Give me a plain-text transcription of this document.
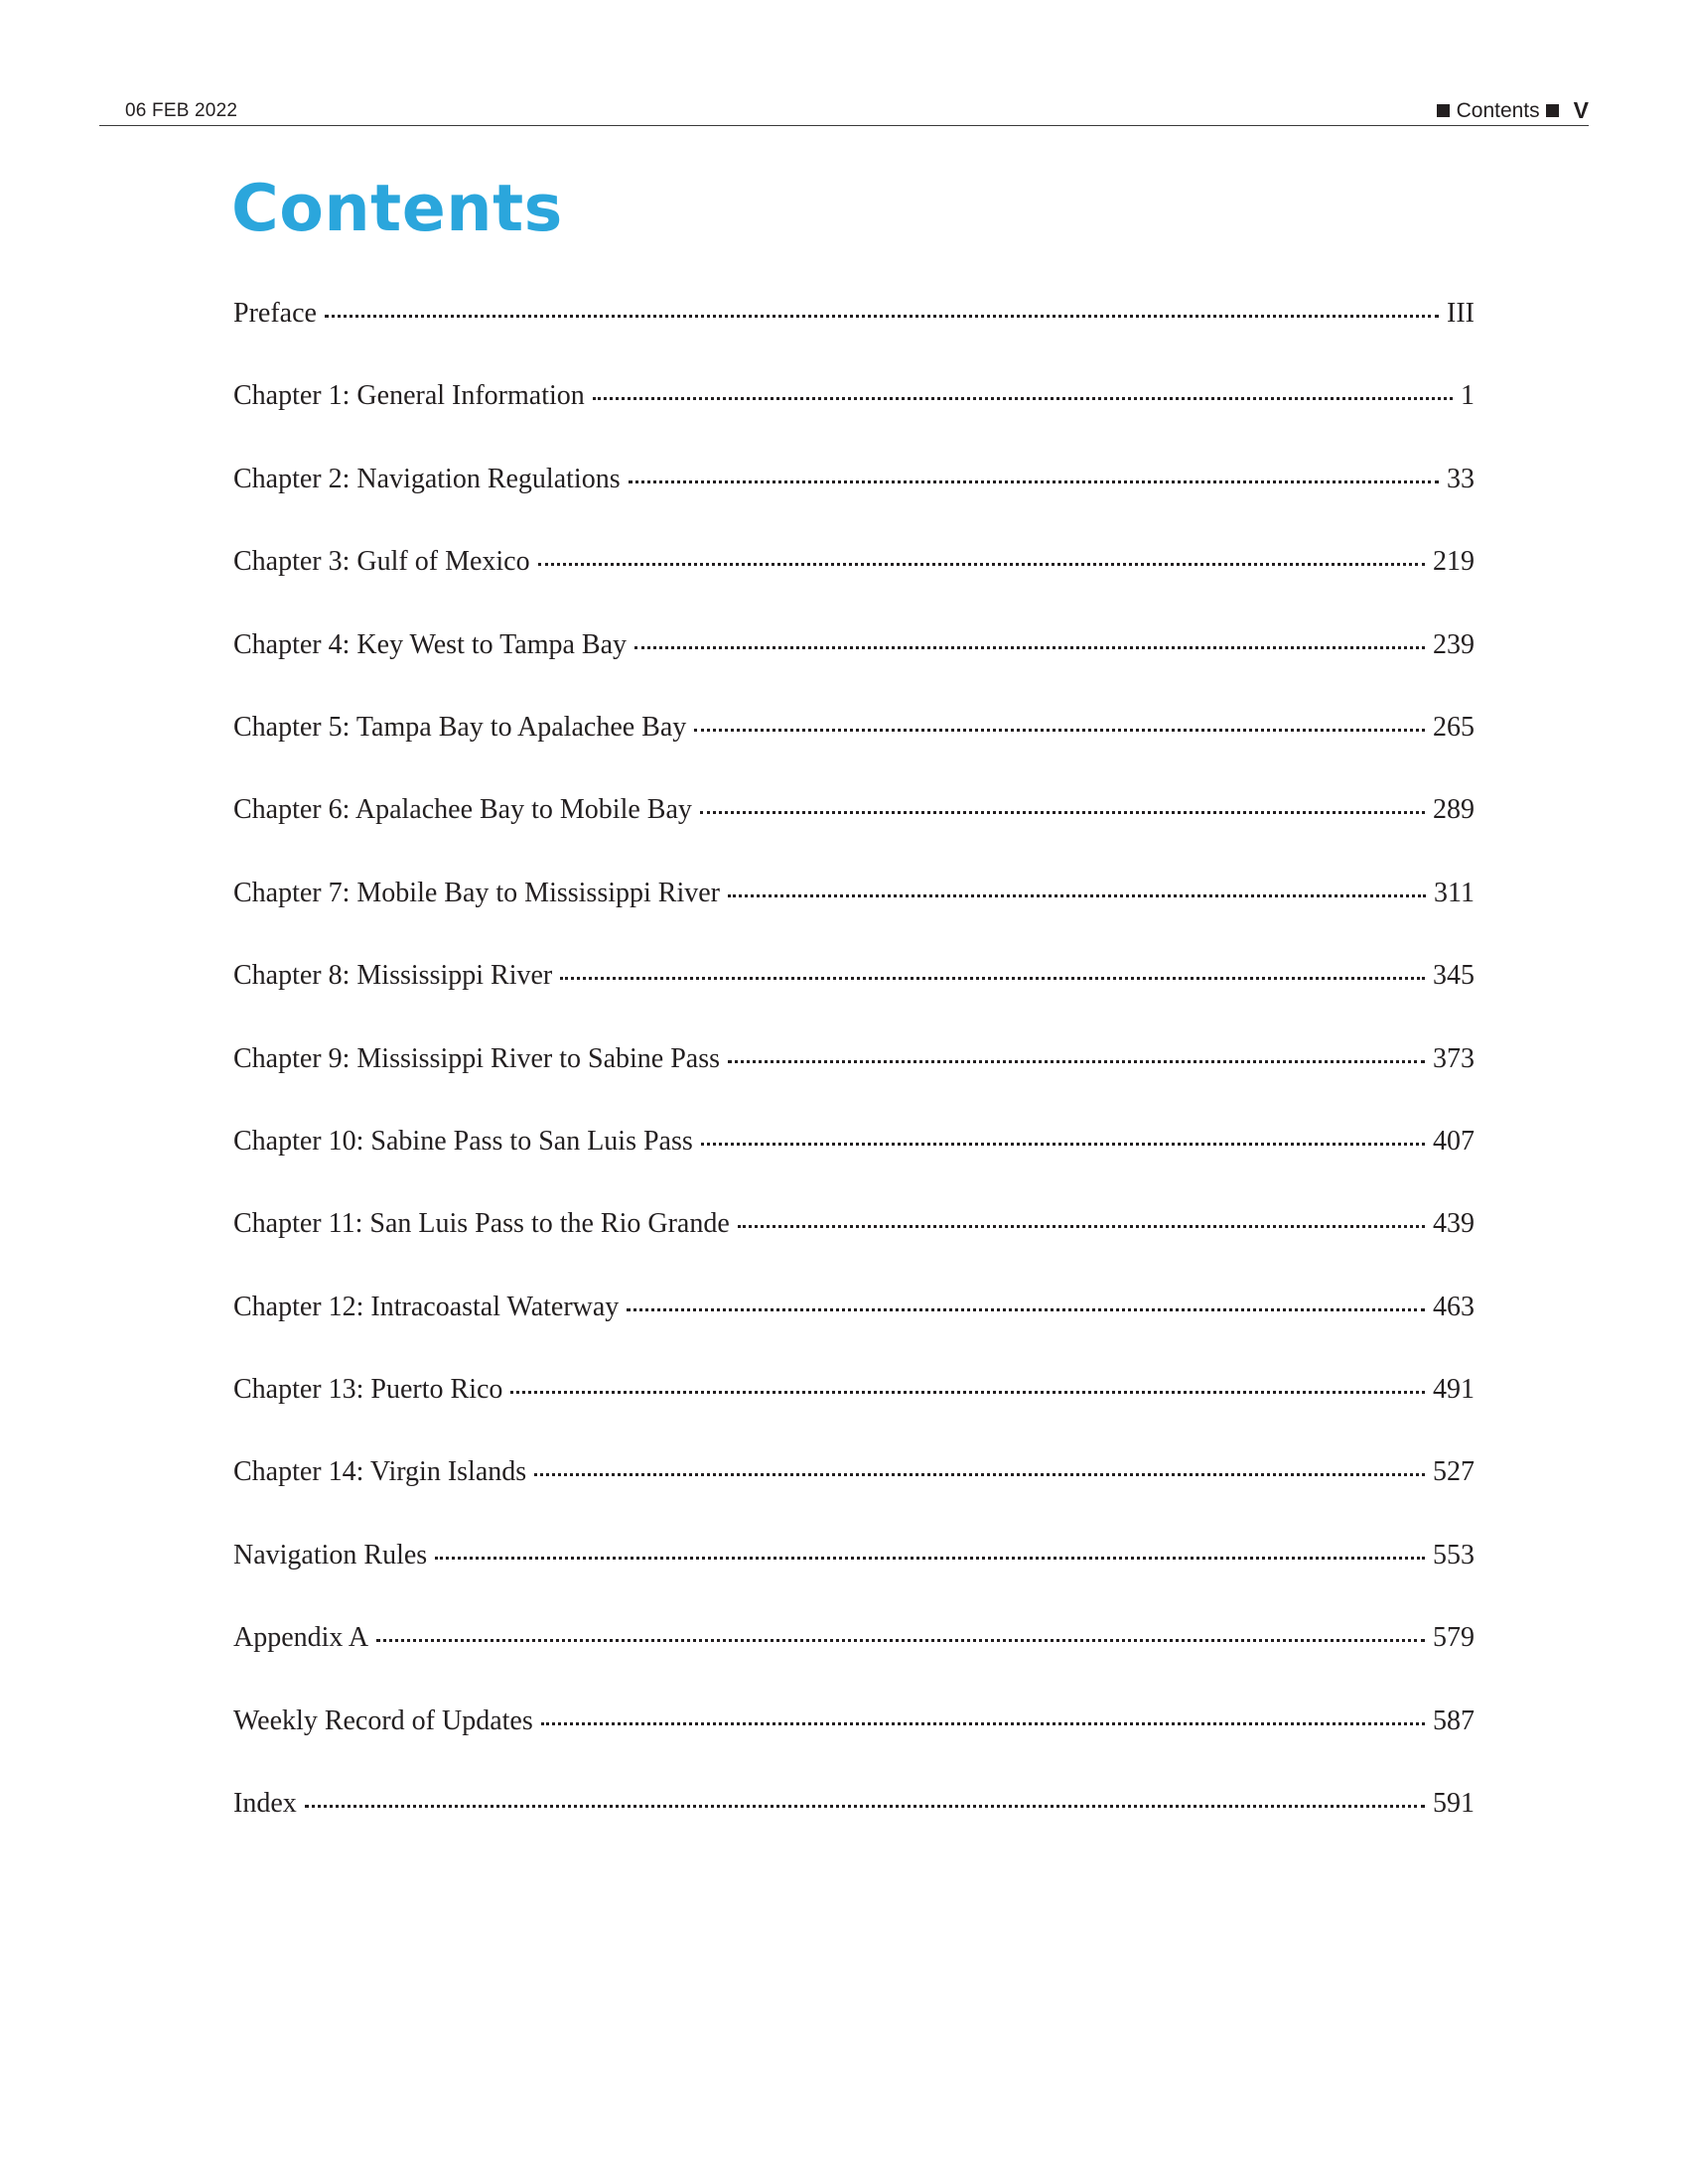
06 FEB 2022	Contents V
Contents
Preface	III
Chapter 1: General Information	1
Chapter 2: Navigation Regulations	33
Chapter 3: Gulf of Mexico	219
Chapter 4: Key West to Tampa Bay	239
Chapter 5: Tampa Bay to Apalachee Bay	265
Chapter 6: Apalachee Bay to Mobile Bay	289
Chapter 7: Mobile Bay to Mississippi River	311
Chapter 8: Mississippi River	345
Chapter 9: Mississippi River to Sabine Pass	373
Chapter 10: Sabine Pass to San Luis Pass	407
Chapter 11: San Luis Pass to the Rio Grande	439
Chapter 12: Intracoastal Waterway	463
Chapter 13: Puerto Rico	491
Chapter 14: Virgin Islands	527
Navigation Rules	553
Appendix A	579
Weekly Record of Updates	587
Index	591
